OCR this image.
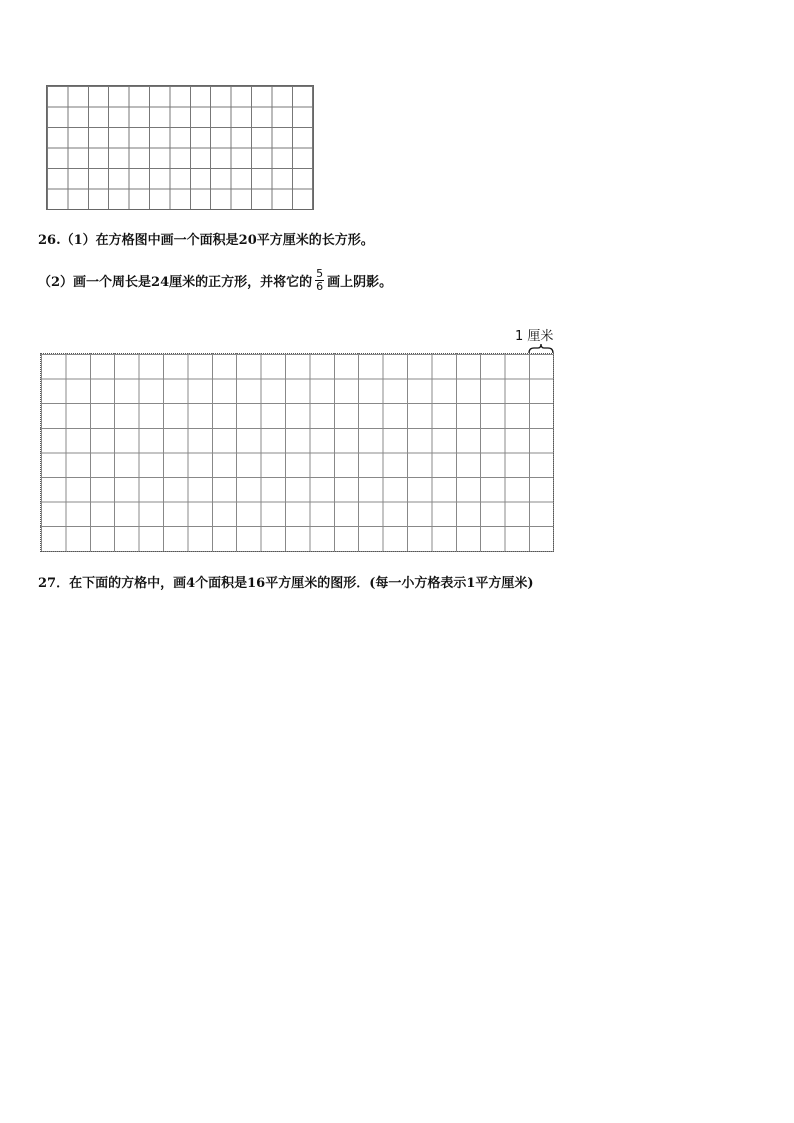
26.（1）在方格图中画一个面积是20平方厘米的长方形。
（2）画一个周长是24厘米的正方形，并将它的 $\frac{5}{6}$ 画上阴影。
1 厘米
27．在下面的方格中，画4个面积是16平方厘米的图形．(每一小方格表示1平方厘米)
